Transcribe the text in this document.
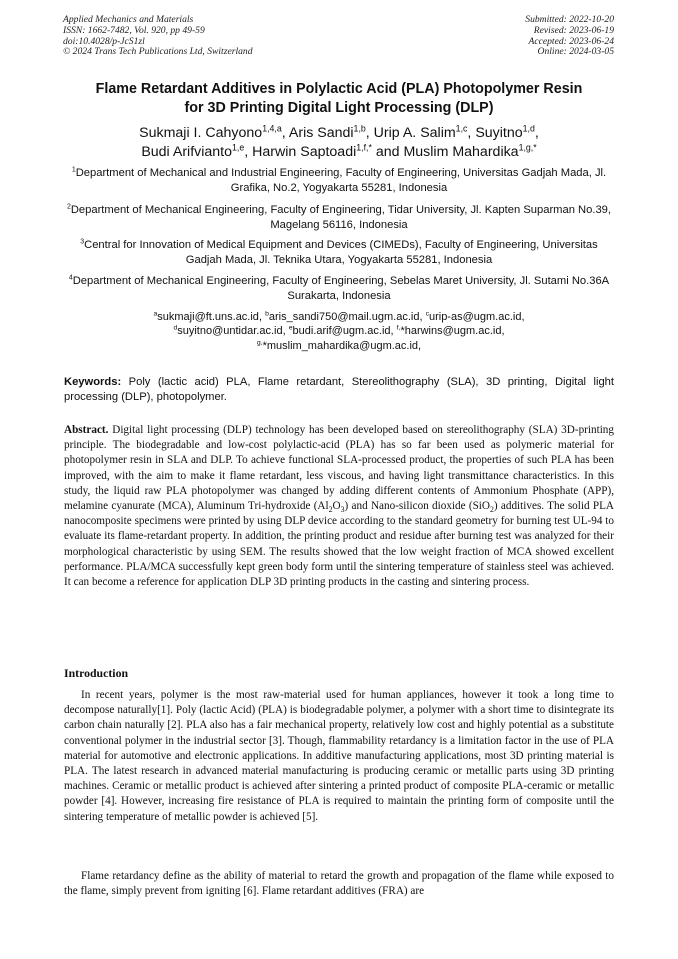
Applied Mechanics and Materials
ISSN: 1662-7482, Vol. 920, pp 49-59
doi:10.4028/p-JcS1zl
© 2024 Trans Tech Publications Ltd, Switzerland
Submitted: 2022-10-20
Revised: 2023-06-19
Accepted: 2023-06-24
Online: 2024-03-05
Flame Retardant Additives in Polylactic Acid (PLA) Photopolymer Resin
for 3D Printing Digital Light Processing (DLP)
Sukmaji I. Cahyono$^{1,4,a}$, Aris Sandi$^{1,b}$, Urip A. Salim$^{1,c}$, Suyitno$^{1,d}$,
Budi Arifvianto$^{1,e}$, Harwin Saptoadi$^{1,f,*}$ and Muslim Mahardika$^{1,g,*}$
$^1$Department of Mechanical and Industrial Engineering, Faculty of Engineering, Universitas Gadjah Mada, Jl. Grafika, No.2, Yogyakarta 55281, Indonesia
$^2$Department of Mechanical Engineering, Faculty of Engineering, Tidar University, Jl. Kapten Suparman No.39, Magelang 56116, Indonesia
$^3$Central for Innovation of Medical Equipment and Devices (CIMEDs), Faculty of Engineering, Universitas Gadjah Mada, Jl. Teknika Utara, Yogyakarta 55281, Indonesia
$^4$Department of Mechanical Engineering, Faculty of Engineering, Sebelas Maret University, Jl. Sutami No.36A Surakarta, Indonesia
$^a$sukmaji@ft.uns.ac.id, $^b$aris_sandi750@mail.ugm.ac.id, $^c$urip-as@ugm.ac.id,
$^d$suyitno@untidar.ac.id, $^e$budi.arif@ugm.ac.id, $^{f,}$*harwins@ugm.ac.id,
$^{g,}$*muslim_mahardika@ugm.ac.id,
Keywords: Poly (lactic acid) PLA, Flame retardant, Stereolithography (SLA), 3D printing, Digital light processing (DLP), photopolymer.
Abstract. Digital light processing (DLP) technology has been developed based on stereolithography (SLA) 3D-printing principle. The biodegradable and low-cost polylactic-acid (PLA) has so far been used as polymeric material for photopolymer resin in SLA and DLP. To achieve functional SLA-processed product, the properties of such PLA has been improved, with the aim to make it flame retardant, less viscous, and having light transmittance characteristics. In this study, the liquid raw PLA photopolymer was changed by adding different contents of Ammonium Phosphate (APP), melamine cyanurate (MCA), Aluminum Tri-hydroxide $(Al_2O_3)$ and Nano-silicon dioxide (SiO$_2$) additives. The solid PLA nanocomposite specimens were printed by using DLP device according to the standard geometry for burning test UL-94 to evaluate its flame-retardant property. In addition, the printing product and residue after burning test was analyzed for their morphological characteristic by using SEM. The results showed that the low weight fraction of MCA showed excellent performance. PLA/MCA successfully kept green body form until the sintering temperature of stainless steel was achieved. It can become a reference for application DLP 3D printing products in the casting and sintering process.
Introduction

In recent years, polymer is the most raw-material used for human appliances, however it took a long time to decompose naturally[1]. Poly (lactic Acid) (PLA) is biodegradable polymer, a polymer with a short time to disintegrate its carbon chain naturally [2]. PLA also has a fair mechanical property, relatively low cost and highly potential as a substitute conventional polymer in the industrial sector [3]. Though, flammability retardancy is a limitation factor in the use of PLA material for automotive and electronic applications. In additive manufacturing applications, most 3D printing material is PLA. The latest research in advanced material manufacturing is producing ceramic or metallic parts using 3D printing machines. Ceramic or metallic product is achieved after sintering a printed product of composite PLA-ceramic or metallic powder [4]. However, increasing fire resistance of PLA is required to maintain the printing form of composite until the sintering temperature of metallic powder is achieved [5].

Flame retardancy define as the ability of material to retard the growth and propagation of the flame while exposed to the flame, simply prevent from igniting [6]. Flame retardant additives (FRA) are
